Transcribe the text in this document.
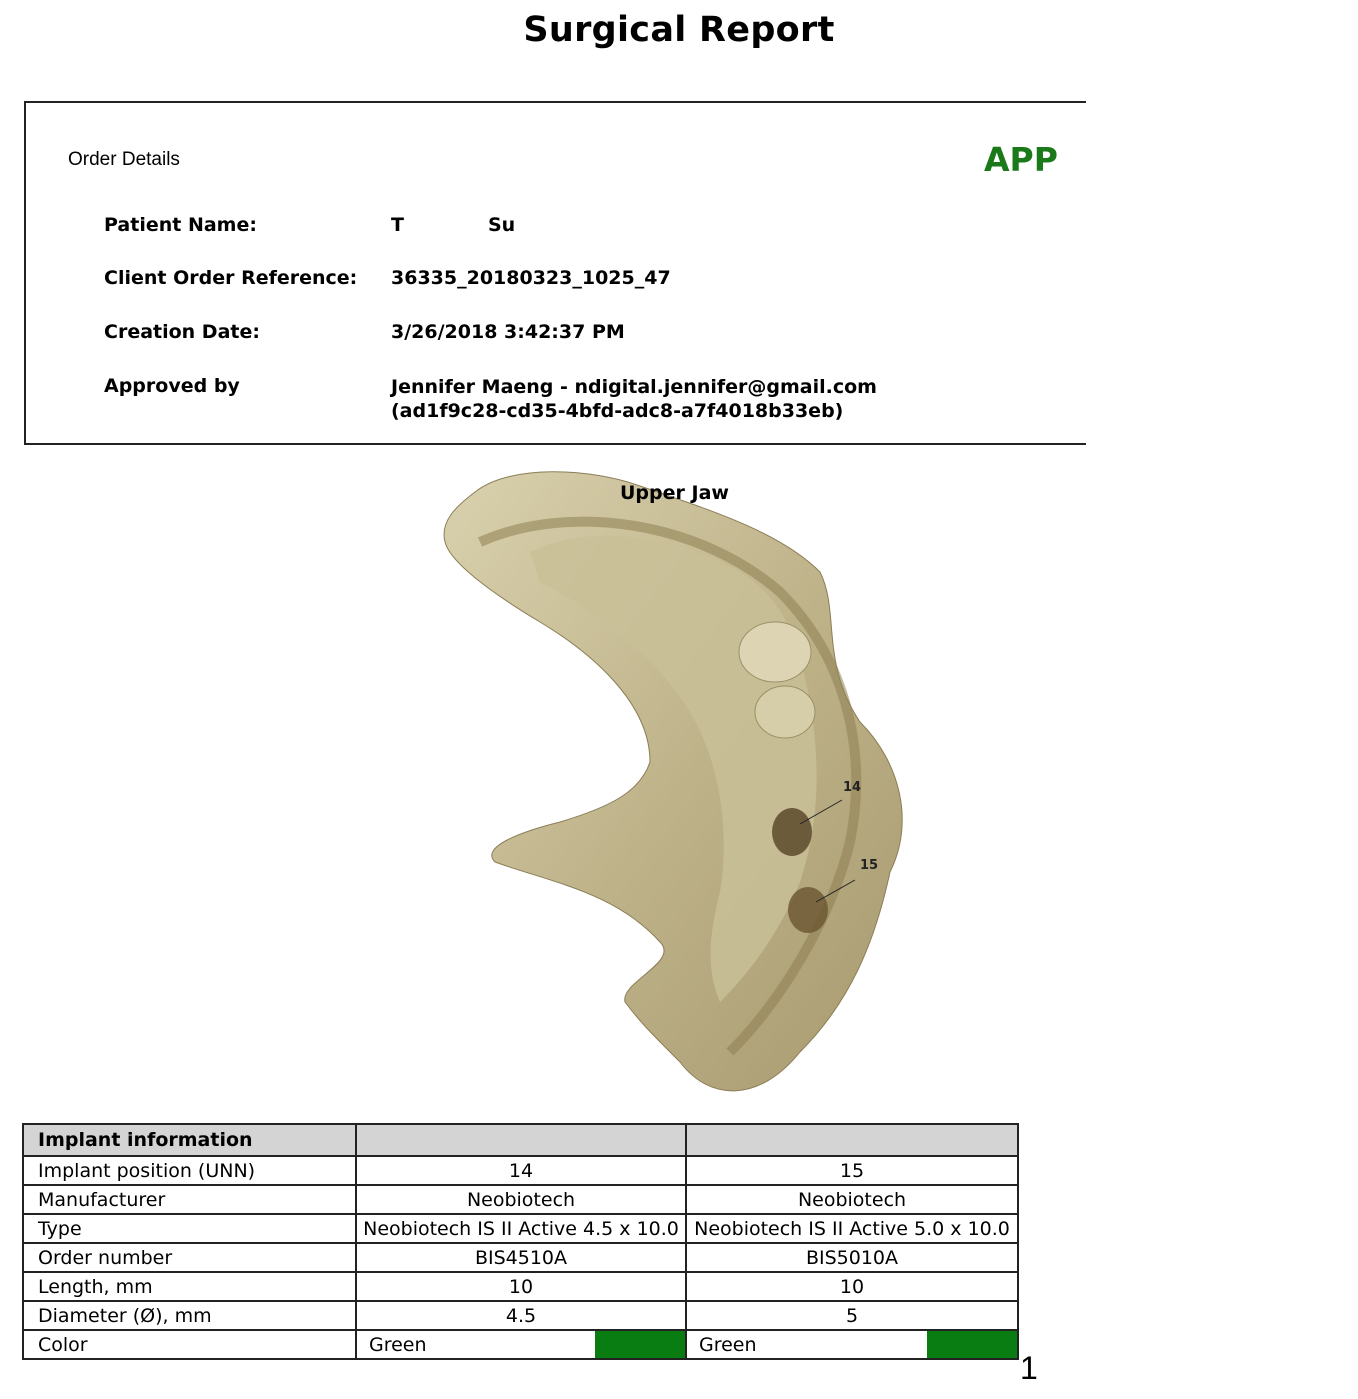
Surgical Report
Order Details	APP
Patient Name:	T	Su
Client Order Reference: 36335_20180323_1025_47
Creation Date:	3/26/2018 3:42:37 PM
Approved by	Jennifer Maeng - ndigital.jennifer@gmail.com
(ad1f9c28-cd35-4bfd-adc8-a7f4018b33eb)
Upper Jaw
14
15
Implant information		
Implant position (UNN)	14	15
Manufacturer	Neobiotech	Neobiotech
Type	Neobiotech IS II Active 4.5 x 10.0	Neobiotech IS II Active 5.0 x 10.0
Order number	BIS4510A	BIS5010A
Length, mm	10	10
Diameter (Ø), mm	4.5	5
Color	Green	Green
1
